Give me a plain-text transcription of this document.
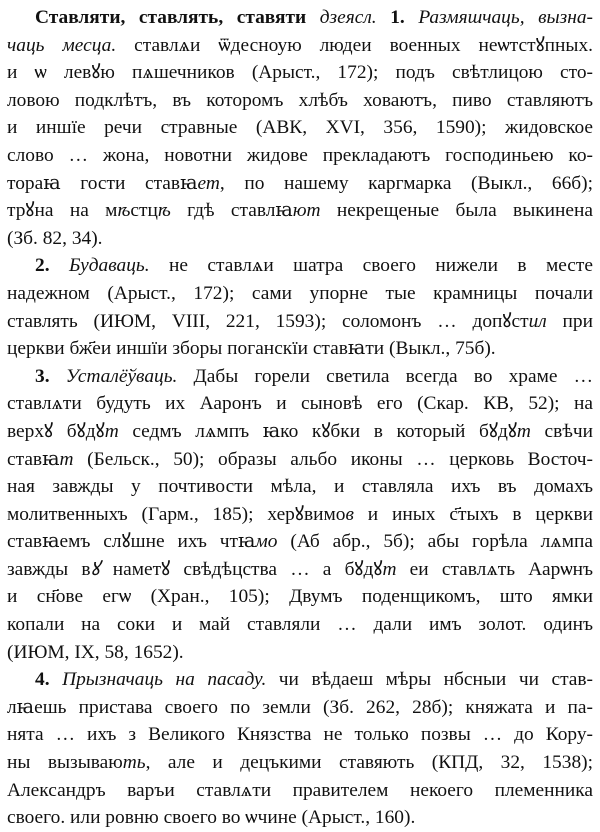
Ставляти, ставлять, ставяти дзеясл. 1. Размяшчаць, вызна-
чаць месца. ставлѧи ѿдесноую людеи военных неѡтстꙋпных.
и ѡ левꙋю пѧшечников (Арыст., 172); подъ свѣтлицою сто-
ловою подклѣтъ, въ которомъ хлѣбъ ховаютъ, пиво ставляютъ
и иншїе речи стравные (АВК, XVI, 356, 1590); жидовское
слово … жона, новотни жидове прекладаютъ господиньею ко-
тораꙗ гости ставꙗет, по нашему каргмарка (Выкл., 66б);
трꙋна на мѣстцѣ гдѣ ставлꙗют некрещеные была выкинена
(Зб. 82, 34).
2. Будаваць. не ставлѧи шатра своего нижели в месте
надежном (Арыст., 172); сами упорне тые крамницы почали
ставлять (ИЮМ, VIII, 221, 1593); соломонъ … допꙋстил при
церкви бж҃еи иншїи зборы поганскїи ставꙗти (Выкл., 75б).
3. Усталёўваць. Дабы горели светила всегда во храме …
ставлѧти будуть их Ааронъ и сыновѣ его (Скар. КВ, 52); на
верхꙋ бꙋдꙋт седмъ лѧмпъ ꙗко кꙋбки в который бꙋдꙋт свѣчи
ставꙗт (Бельск., 50); образы альбо иконы … церковь Восточ-
ная завжды у почтивости мѣла, и ставляла ихъ въ домахъ
молитвенныхъ (Гарм., 185); херꙋвимов и иных с҃тыхъ в церкви
ставꙗемъ слꙋшне ихъ чтꙗмо (Аб абр., 5б); абы горѣла лѧмпа
завжды вꙋ наметꙋ свѣдѣцства … а бꙋдꙋт еи ставлѧть Аарѡнъ
и сн҃ове егѡ (Хран., 105); Двумъ поденщикомъ, што ямки
копали на соки и май ставляли … дали имъ золот. одинъ
(ИЮМ, IX, 58, 1652).
4. Прызначаць на пасаду. чи вѣдаеш мѣры нбсныи чи став-
лꙗешь пристава своего по земли (Зб. 262, 28б); княжата и па-
нята … ихъ з Великого Князства не только позвы … до Кору-
ны вызывають, але и децъкими ставяють (КПД, 32, 1538);
Александръ варъи ставлѧти правителем некоего племенника
своего. или ровню своего во ѡчине (Арыст., 160).
